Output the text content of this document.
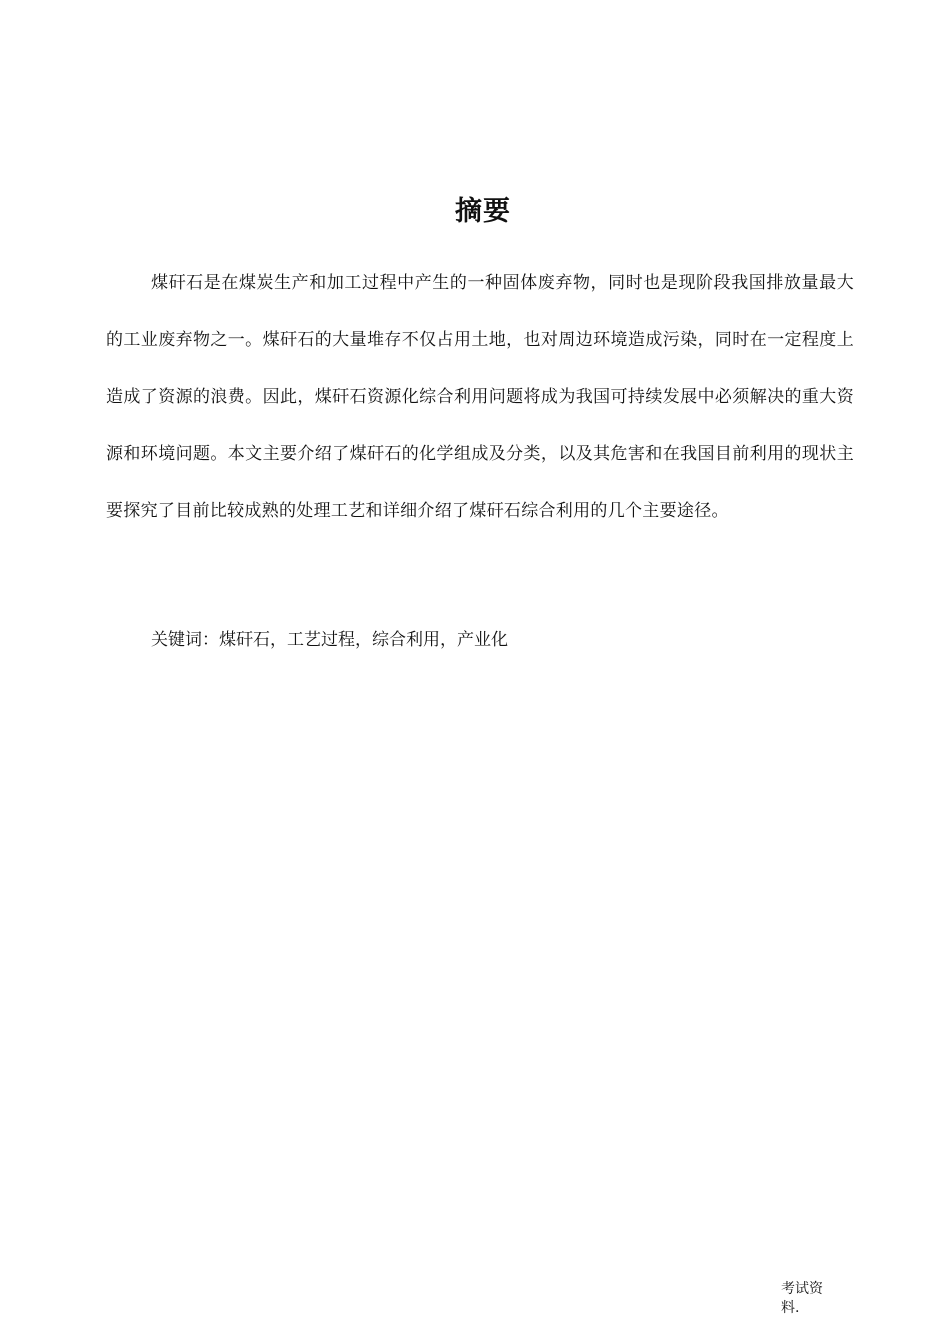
摘要

煤矸石是在煤炭生产和加工过程中产生的一种固体废弃物，同时也是现阶段我国排放量最大的工业废弃物之一。煤矸石的大量堆存不仅占用土地，也对周边环境造成污染，同时在一定程度上造成了资源的浪费。因此，煤矸石资源化综合利用问题将成为我国可持续发展中必须解决的重大资源和环境问题。本文主要介绍了煤矸石的化学组成及分类，以及其危害和在我国目前利用的现状主要探究了目前比较成熟的处理工艺和详细介绍了煤矸石综合利用的几个主要途径。

关键词：煤矸石，工艺过程，综合利用，产业化
考试资料.
